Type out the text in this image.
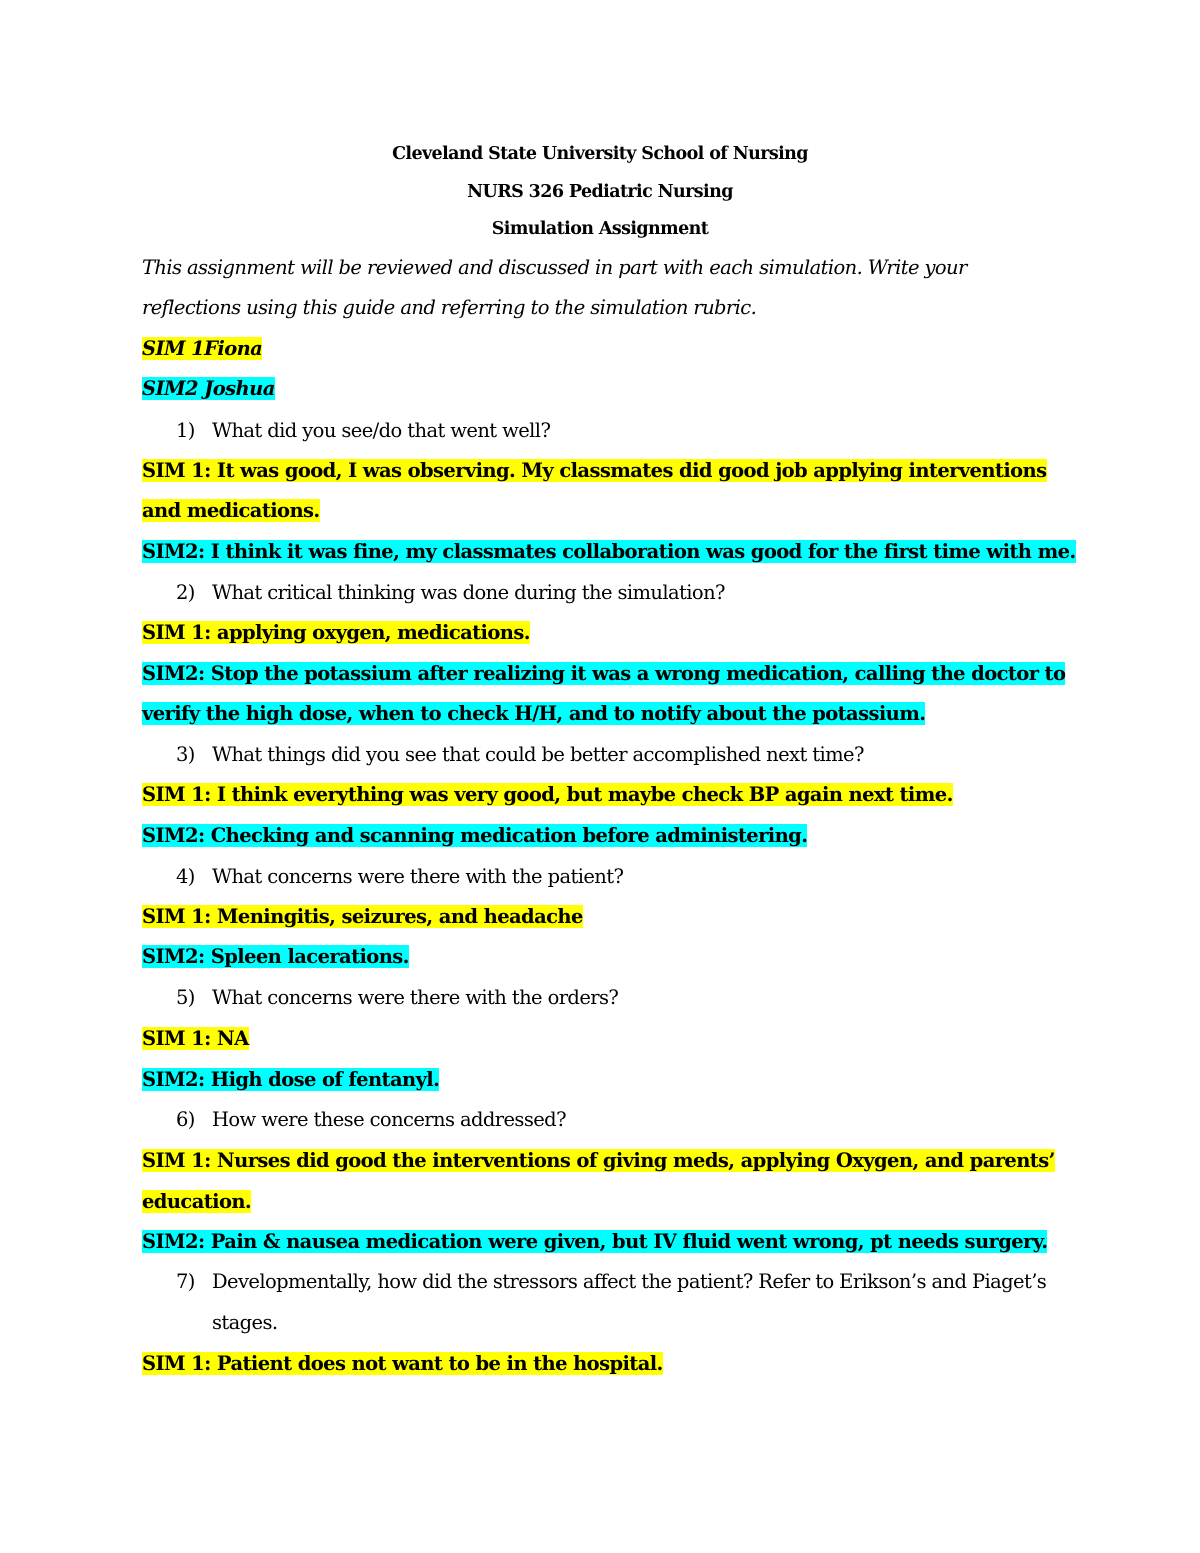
Cleveland State University School of Nursing
NURS 326 Pediatric Nursing
Simulation Assignment
This assignment will be reviewed and discussed in part with each simulation. Write your
reflections using this guide and referring to the simulation rubric.
SIM 1Fiona
SIM2 Joshua
1) What did you see/do that went well?
SIM 1: It was good, I was observing. My classmates did good job applying interventions
and medications.
SIM2: I think it was fine, my classmates collaboration was good for the first time with me.
2) What critical thinking was done during the simulation?
SIM 1: applying oxygen, medications.
SIM2: Stop the potassium after realizing it was a wrong medication, calling the doctor to
verify the high dose, when to check H/H, and to notify about the potassium.
3) What things did you see that could be better accomplished next time?
SIM 1: I think everything was very good, but maybe check BP again next time.
SIM2: Checking and scanning medication before administering.
4) What concerns were there with the patient?
SIM 1: Meningitis, seizures, and headache
SIM2: Spleen lacerations.
5) What concerns were there with the orders?
SIM 1: NA
SIM2: High dose of fentanyl.
6) How were these concerns addressed?
SIM 1: Nurses did good the interventions of giving meds, applying Oxygen, and parents’
education.
SIM2: Pain & nausea medication were given, but IV fluid went wrong, pt needs surgery.
7) Developmentally, how did the stressors affect the patient? Refer to Erikson’s and Piaget’s
stages.
SIM 1: Patient does not want to be in the hospital.
